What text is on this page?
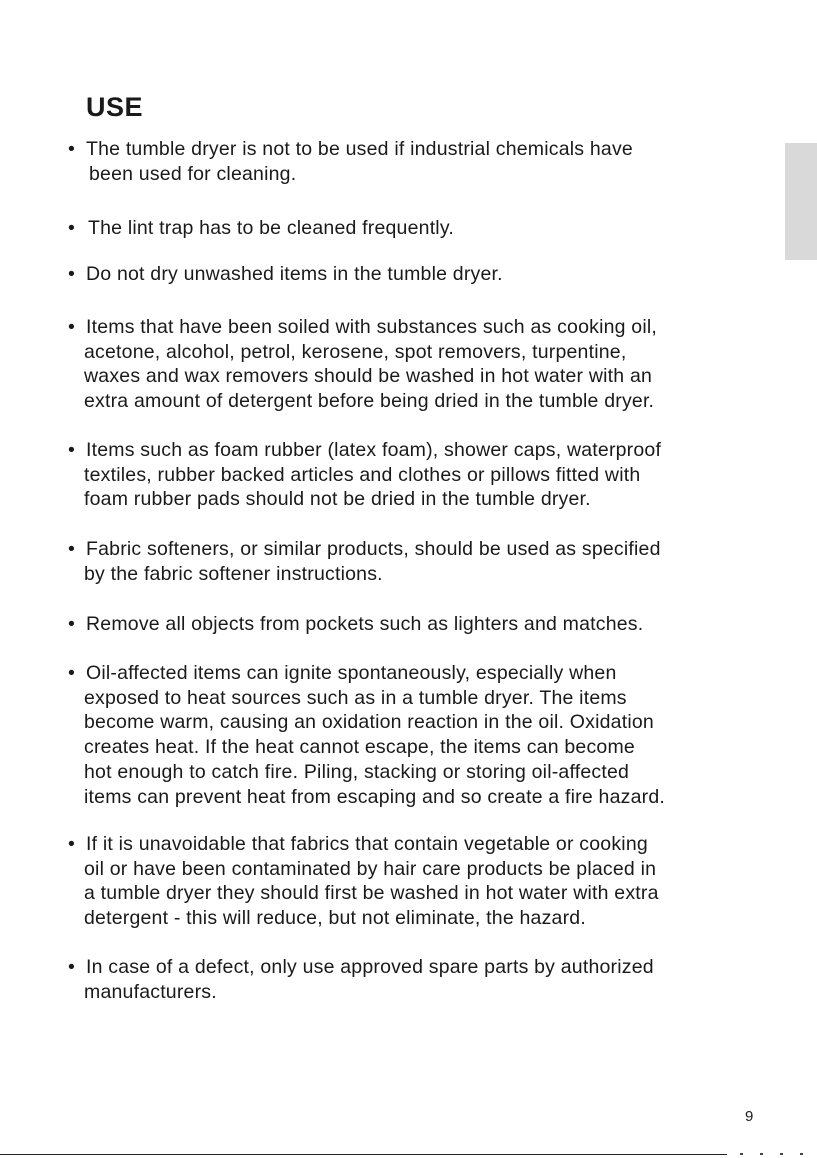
USE
• The tumble dryer is not to be used if industrial chemicals have
been used for cleaning.
• The lint trap has to be cleaned frequently.
• Do not dry unwashed items in the tumble dryer.
• Items that have been soiled with substances such as cooking oil,
acetone, alcohol, petrol, kerosene, spot removers, turpentine,
waxes and wax removers should be washed in hot water with an
extra amount of detergent before being dried in the tumble dryer.
• Items such as foam rubber (latex foam), shower caps, waterproof
textiles, rubber backed articles and clothes or pillows fitted with
foam rubber pads should not be dried in the tumble dryer.
• Fabric softeners, or similar products, should be used as specified
by the fabric softener instructions.
• Remove all objects from pockets such as lighters and matches.
• Oil-affected items can ignite spontaneously, especially when
exposed to heat sources such as in a tumble dryer. The items
become warm, causing an oxidation reaction in the oil. Oxidation
creates heat. If the heat cannot escape, the items can become
hot enough to catch fire. Piling, stacking or storing oil-affected
items can prevent heat from escaping and so create a fire hazard.
• If it is unavoidable that fabrics that contain vegetable or cooking
oil or have been contaminated by hair care products be placed in
a tumble dryer they should first be washed in hot water with extra
detergent - this will reduce, but not eliminate, the hazard.
• In case of a defect, only use approved spare parts by authorized
manufacturers.
9
